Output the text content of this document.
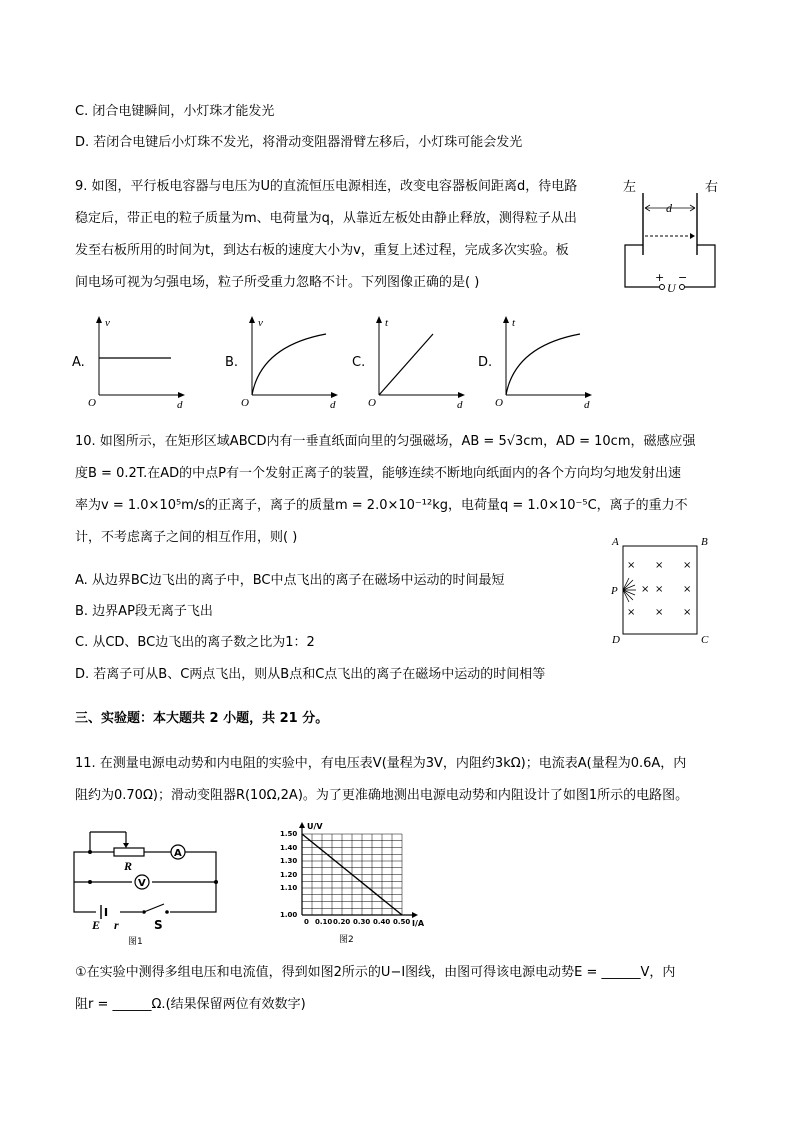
C. 闭合电键瞬间，小灯珠才能发光
D. 若闭合电键后小灯珠不发光，将滑动变阻器滑臂左移后，小灯珠可能会发光
9. 如图，平行板电容器与电压为U的直流恒压电源相连，改变电容器板间距离d，待电路
稳定后，带正电的粒子质量为m、电荷量为q，从靠近左板处由静止释放，测得粒子从出
发至右板所用的时间为t，到达右板的速度大小为v，重复上述过程，完成多次实验。板
间电场可视为匀强电场，粒子所受重力忽略不计。下列图像正确的是( )
左	右
d
+ −
U
A.
v
d
O
B.
v
d
O
C.
t
d
O
D.
t
d
O
10. 如图所示，在矩形区域ABCD内有一垂直纸面向里的匀强磁场，AB = 5√3cm，AD = 10cm，磁感应强
度B = 0.2T.在AD的中点P有一个发射正离子的装置，能够连续不断地向纸面内的各个方向均匀地发射出速
率为v = 1.0×10⁵m/s的正离子，离子的质量m = 2.0×10⁻¹²kg，电荷量q = 1.0×10⁻⁵C，离子的重力不
计，不考虑离子之间的相互作用，则( )
A. 从边界BC边飞出的离子中，BC中点飞出的离子在磁场中运动的时间最短
B. 边界AP段无离子飞出
C. 从CD、BC边飞出的离子数之比为1：2
D. 若离子可从B、C两点飞出，则从B点和C点飞出的离子在磁场中运动的时间相等
A	B
C
D
P
× × ×
× × ×
× × ×
三、实验题：本大题共 2 小题，共 21 分。
11. 在测量电源电动势和内电阻的实验中，有电压表V(量程为3V，内阻约3kΩ)；电流表A(量程为0.6A，内
阻约为0.70Ω)；滑动变阻器R(10Ω,2A)。为了更准确地测出电源电动势和内阻设计了如图1所示的电路图。
R
A
V
E r	S
图1
U/V
I/A
1.50
1.40
1.30
1.20
1.10
1.00
0 0.10 0.20 0.30 0.40 0.50
图2
①在实验中测得多组电压和电流值，得到如图2所示的U−I图线，由图可得该电源电动势E = ______V，内
阻r = ______Ω.(结果保留两位有效数字)
